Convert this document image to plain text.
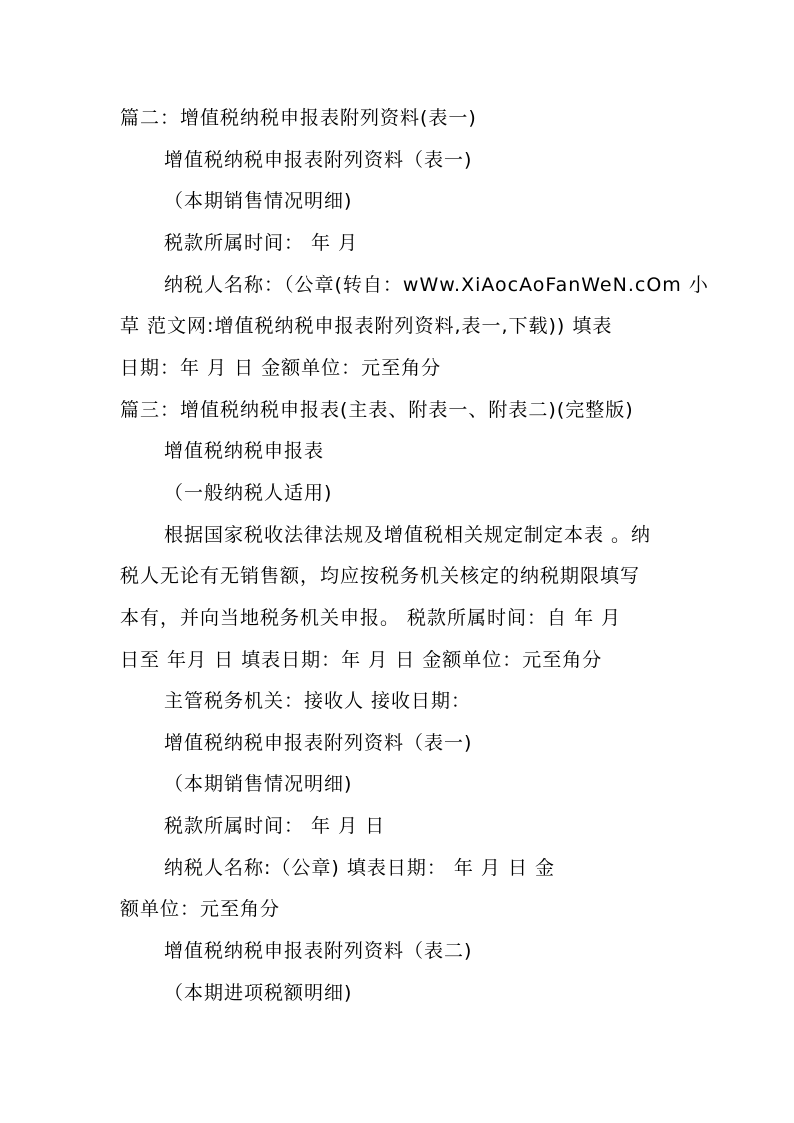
篇二：增值税纳税申报表附列资料(表一)
增值税纳税申报表附列资料（表一)
（本期销售情况明细)
税款所属时间： 年 月
纳税人名称：（公章(转自：wWw.XiAocAoFanWeN.cOm 小
草 范文网:增值税纳税申报表附列资料,表一,下载)) 填表
日期：年 月 日 金额单位：元至角分
篇三：增值税纳税申报表(主表、附表一、附表二)(完整版)
增值税纳税申报表
（一般纳税人适用)
根据国家税收法律法规及增值税相关规定制定本表 。纳
税人无论有无销售额，均应按税务机关核定的纳税期限填写
本有，并向当地税务机关申报。 税款所属时间：自 年 月
日至 年月 日 填表日期：年 月 日 金额单位：元至角分
主管税务机关：接收人 接收日期：
增值税纳税申报表附列资料（表一)
（本期销售情况明细)
税款所属时间： 年 月 日
纳税人名称:（公章) 填表日期： 年 月 日 金
额单位：元至角分
增值税纳税申报表附列资料（表二)
（本期进项税额明细)
